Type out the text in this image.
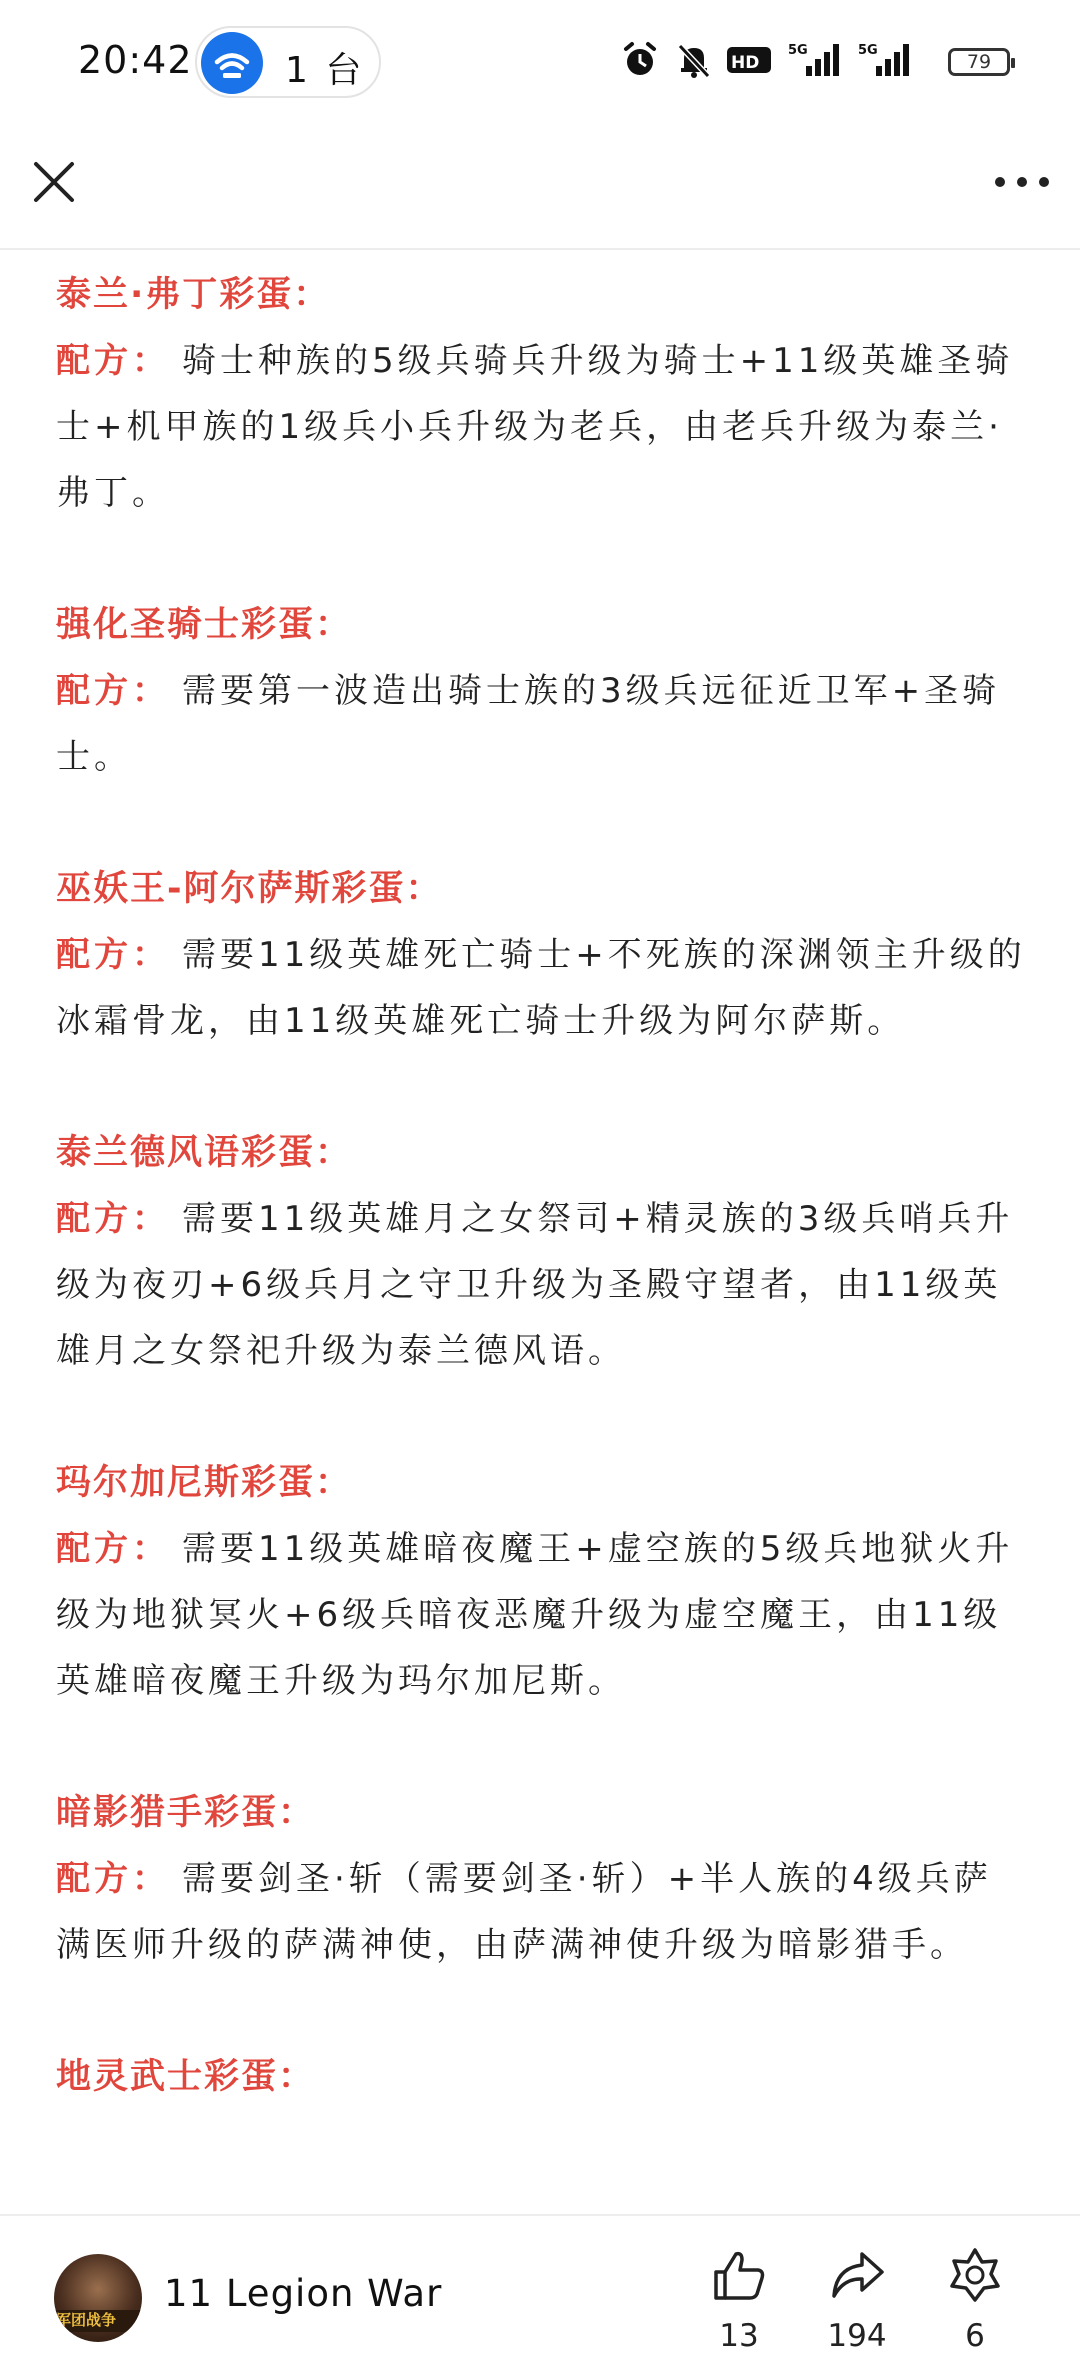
20:42	1 台	HD
5G	5G
79
泰兰·弗丁彩蛋：
配方： 骑士种族的5级兵骑兵升级为骑士+11级英雄圣骑士+机甲族的1级兵小兵升级为老兵，由老兵升级为泰兰·弗丁。
强化圣骑士彩蛋：
配方： 需要第一波造出骑士族的3级兵远征近卫军+圣骑士。
巫妖王-阿尔萨斯彩蛋：
配方： 需要11级英雄死亡骑士+不死族的深渊领主升级的冰霜骨龙，由11级英雄死亡骑士升级为阿尔萨斯。
泰兰德风语彩蛋：
配方： 需要11级英雄月之女祭司+精灵族的3级兵哨兵升级为夜刃+6级兵月之守卫升级为圣殿守望者，由11级英雄月之女祭祀升级为泰兰德风语。
玛尔加尼斯彩蛋：
配方： 需要11级英雄暗夜魔王+虚空族的5级兵地狱火升级为地狱冥火+6级兵暗夜恶魔升级为虚空魔王，由11级英雄暗夜魔王升级为玛尔加尼斯。
暗影猎手彩蛋：
配方： 需要剑圣·斩（需要剑圣·斩）+半人族的4级兵萨满医师升级的萨满神使，由萨满神使升级为暗影猎手。
地灵武士彩蛋：
军团战争
11 Legion War
13	194	6
